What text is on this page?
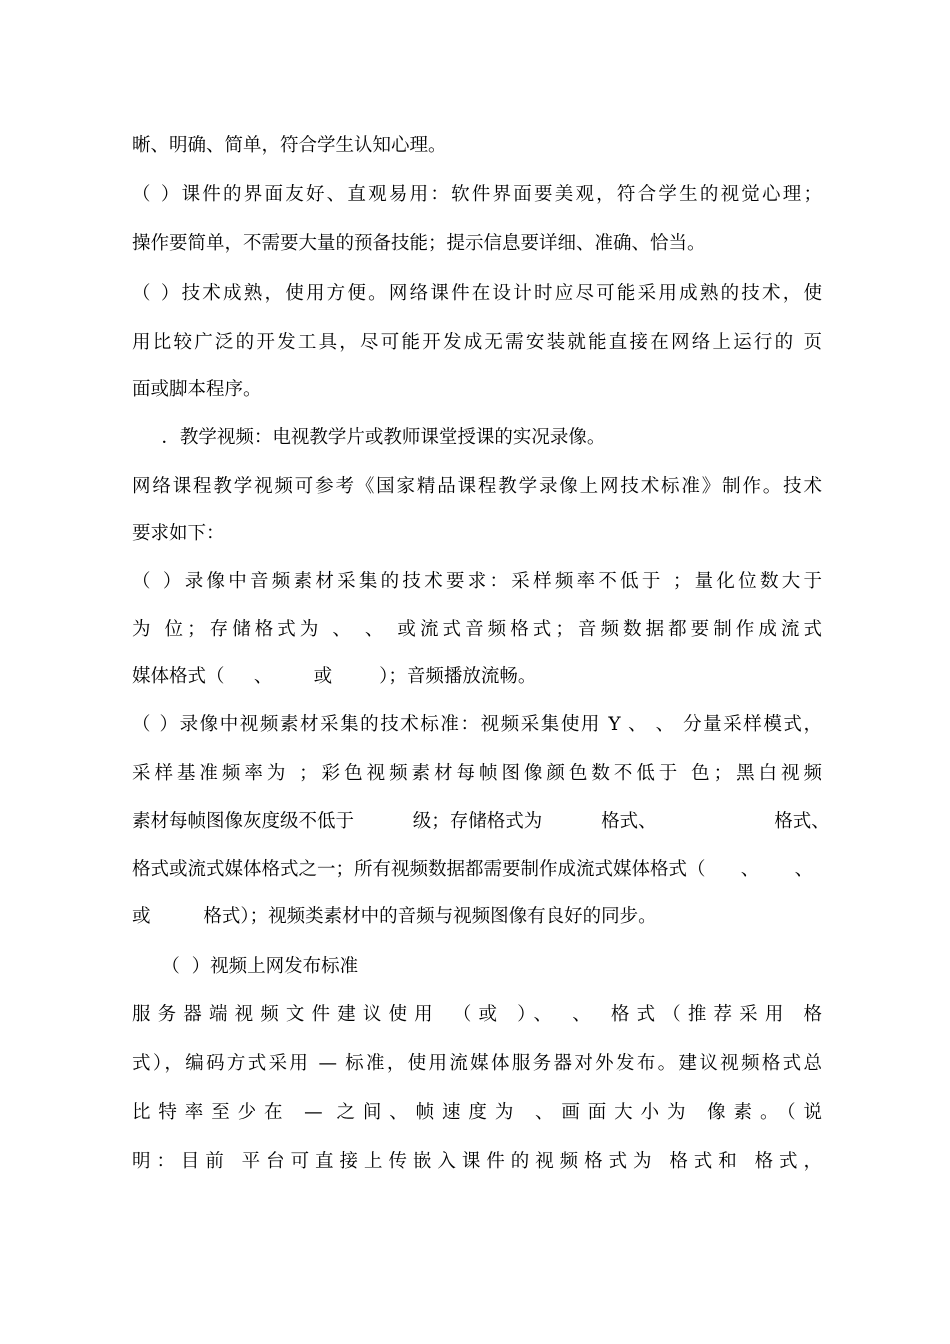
晰、明确、简单，符合学生认知心理。
（ ）课件的界面友好、直观易用：软件界面要美观，符合学生的视觉心理；
操作要简单，不需要大量的预备技能；提示信息要详细、准确、恰当。
（ ）技术成熟，使用方便。网络课件在设计时应尽可能采用成熟的技术，使
用比较广泛的开发工具，尽可能开发成无需安装就能直接在网络上运行的 页
面或脚本程序。
．教学视频：电视教学片或教师课堂授课的实况录像。
网络课程教学视频可参考《国家精品课程教学录像上网技术标准》制作。技术
要求如下：
（ ）录像中音频素材采集的技术要求：采样频率不低于 ；量化位数大于
为 位；存储格式为 、 、 或流式音频格式；音频数据都要制作成流式
媒体格式（     、       或        ）；音频播放流畅。
（ ）录像中视频素材采集的技术标准：视频采集使用 Y 、 、 分量采样模式，
采样基准频率为 ；彩色视频素材每帧图像颜色数不低于 色；黑白视频
素材每帧图像灰度级不低于          级；存储格式为          格式、                    格式、
格式或流式媒体格式之一；所有视频数据都需要制作成流式媒体格式（      、      、
或         格式）；视频类素材中的音频与视频图像有良好的同步。
（  ）视频上网发布标准
服务器端视频文件建议使用 （或 ）、 、 格式（推荐采用 格
式），编码方式采用 — 标准，使用流媒体服务器对外发布。建议视频格式总
比特率至少在 — 之间、帧速度为 、画面大小为 像素。（说
明：目前 平台可直接上传嵌入课件的视频格式为 格式和 格式，
